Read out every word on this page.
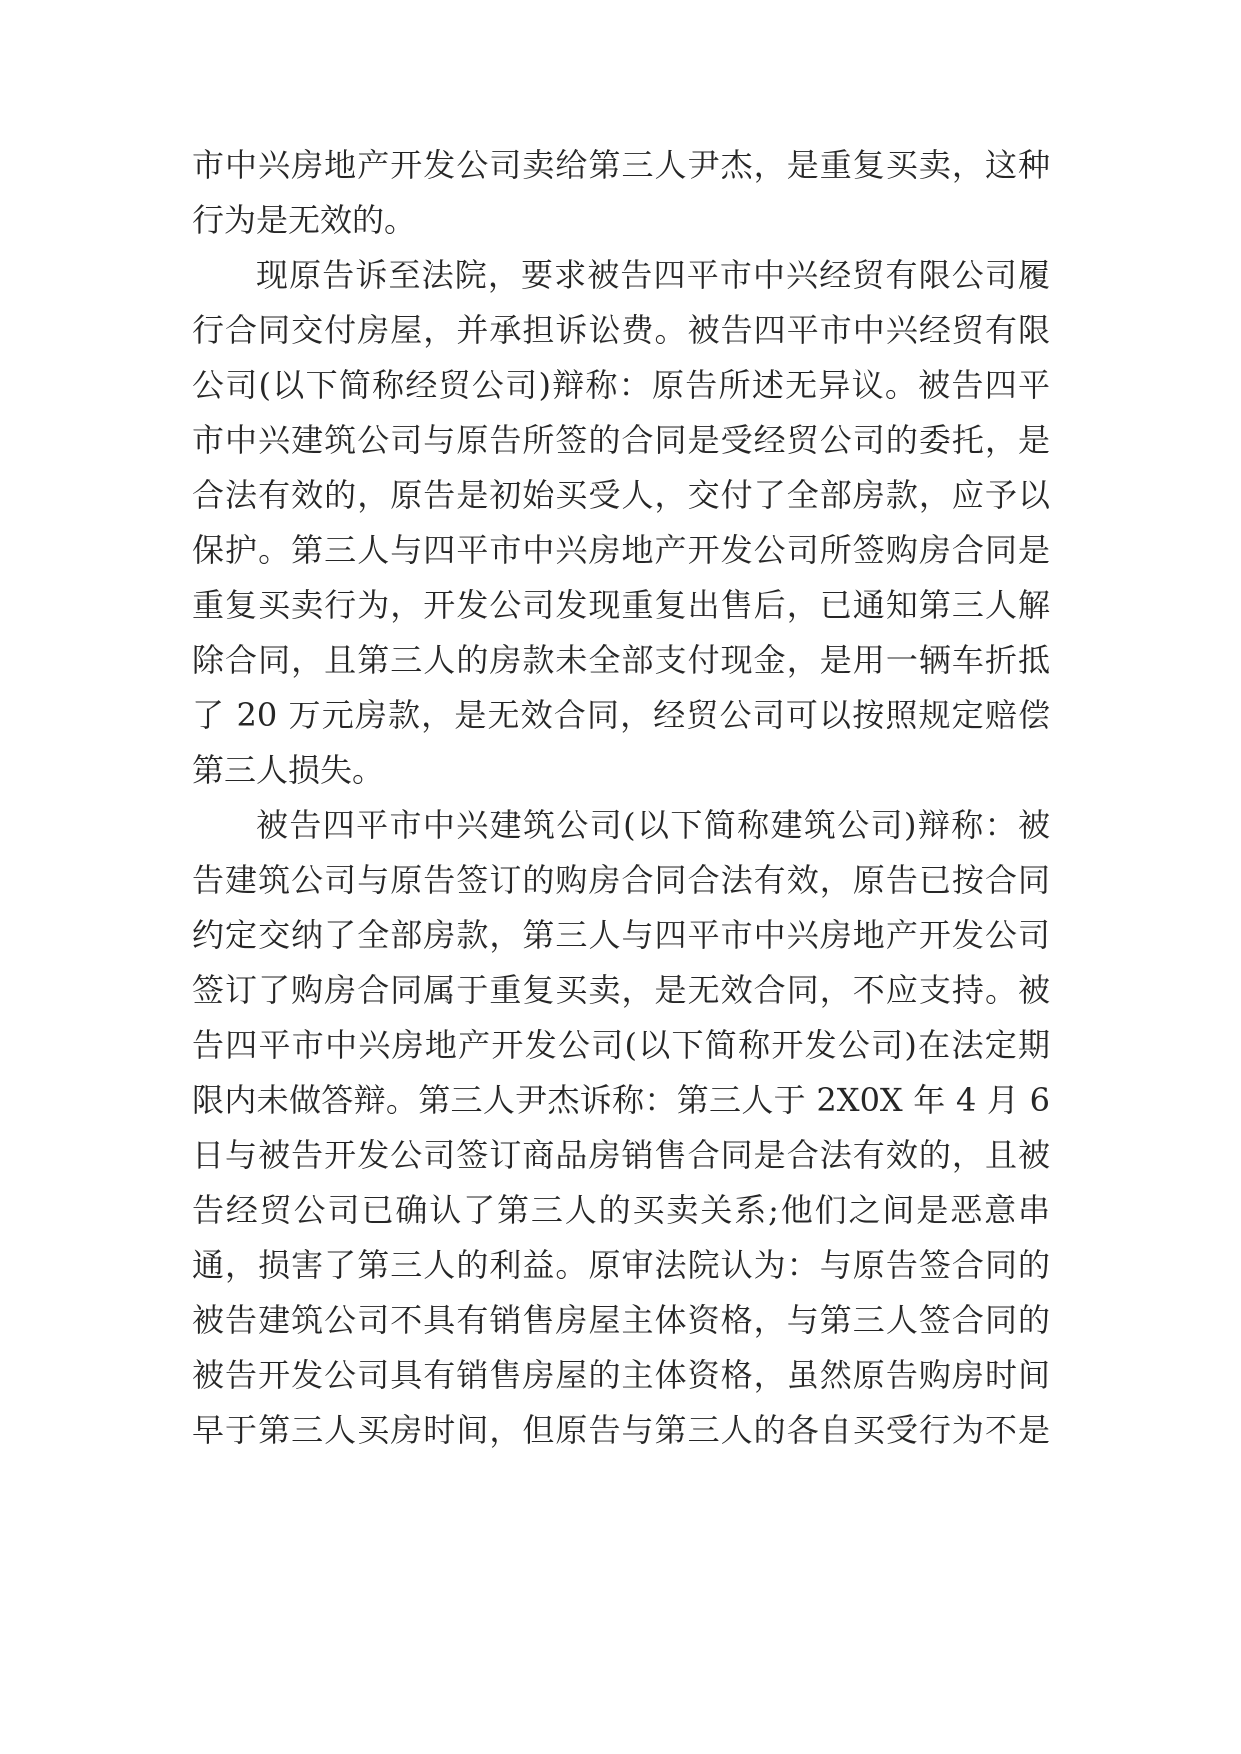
市中兴房地产开发公司卖给第三人尹杰，是重复买卖，这种
行为是无效的。
现原告诉至法院，要求被告四平市中兴经贸有限公司履
行合同交付房屋，并承担诉讼费。被告四平市中兴经贸有限
公司(以下简称经贸公司)辩称：原告所述无异议。被告四平
市中兴建筑公司与原告所签的合同是受经贸公司的委托，是
合法有效的，原告是初始买受人，交付了全部房款，应予以
保护。第三人与四平市中兴房地产开发公司所签购房合同是
重复买卖行为，开发公司发现重复出售后，已通知第三人解
除合同，且第三人的房款未全部支付现金，是用一辆车折抵
了 20 万元房款，是无效合同，经贸公司可以按照规定赔偿
第三人损失。
被告四平市中兴建筑公司(以下简称建筑公司)辩称：被
告建筑公司与原告签订的购房合同合法有效，原告已按合同
约定交纳了全部房款，第三人与四平市中兴房地产开发公司
签订了购房合同属于重复买卖，是无效合同，不应支持。被
告四平市中兴房地产开发公司(以下简称开发公司)在法定期
限内未做答辩。第三人尹杰诉称：第三人于 2X0X 年 4 月 6
日与被告开发公司签订商品房销售合同是合法有效的，且被
告经贸公司已确认了第三人的买卖关系;他们之间是恶意串
通，损害了第三人的利益。原审法院认为：与原告签合同的
被告建筑公司不具有销售房屋主体资格，与第三人签合同的
被告开发公司具有销售房屋的主体资格，虽然原告购房时间
早于第三人买房时间，但原告与第三人的各自买受行为不是
